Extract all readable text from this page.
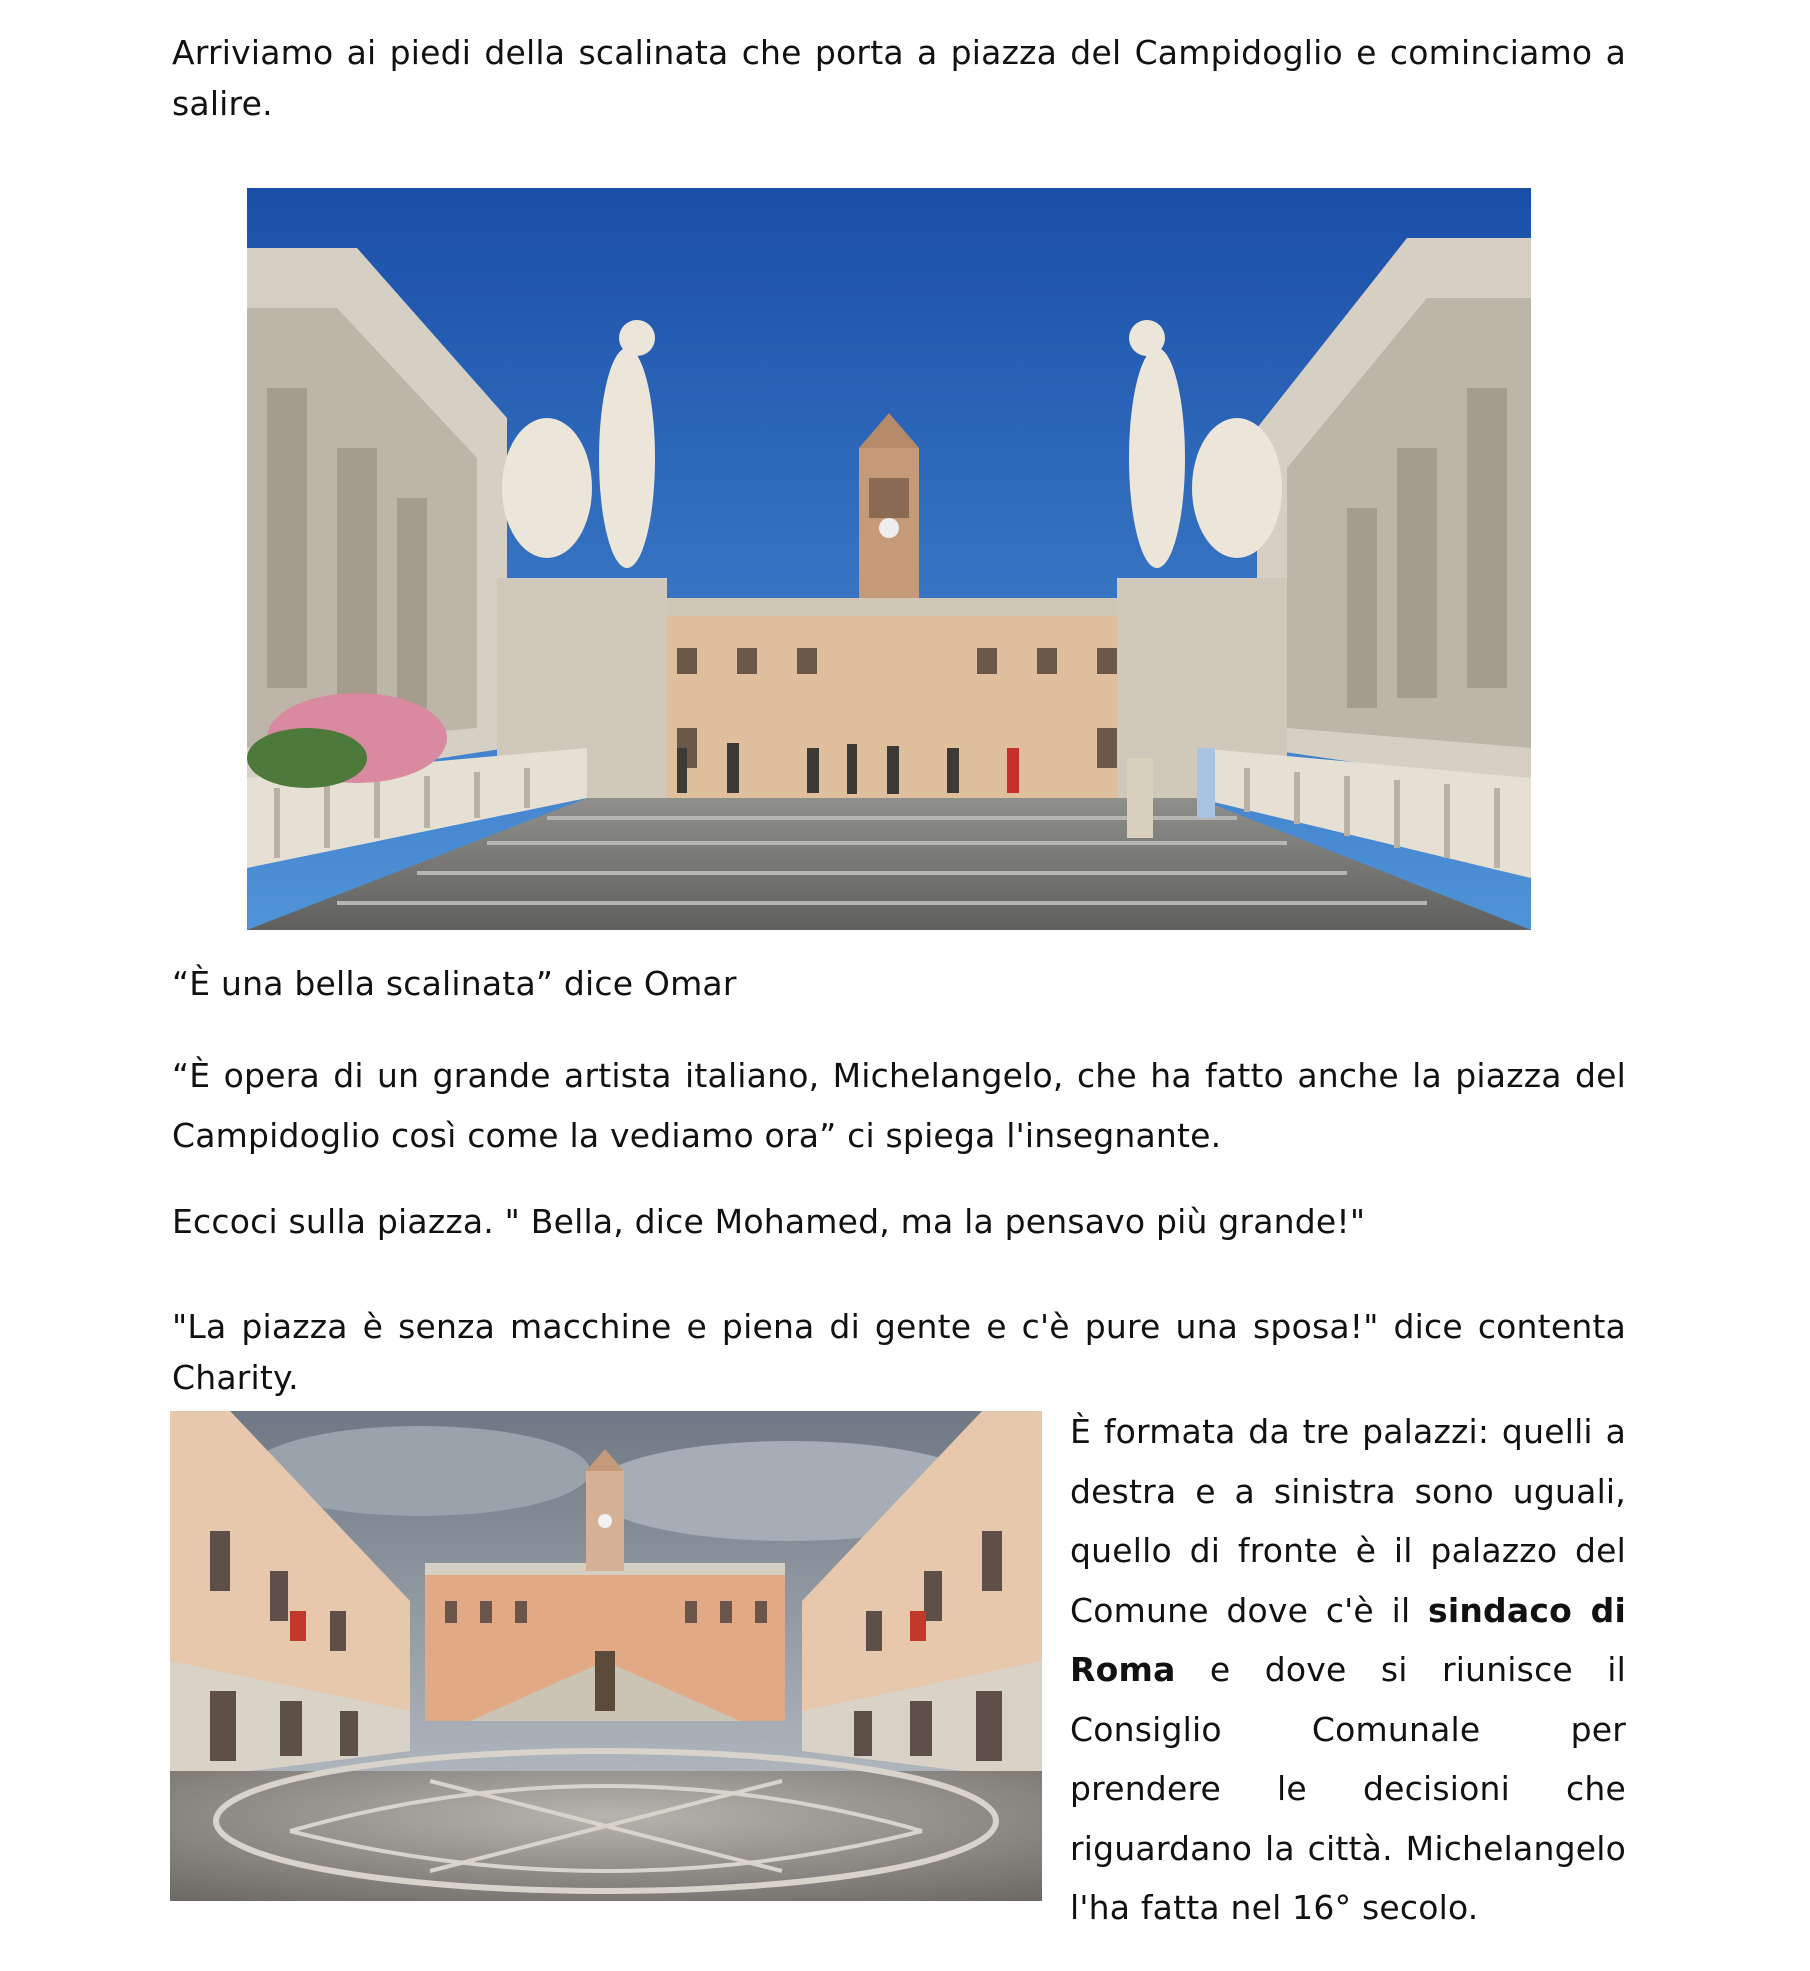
Arriviamo ai piedi della scalinata che porta a piazza del Campidoglio e cominciamo a salire.

“È una bella scalinata” dice Omar

“È opera di un grande artista italiano, Michelangelo, che ha fatto anche la piazza del Campidoglio così come la vediamo ora” ci spiega l'insegnante.

Eccoci sulla piazza. " Bella, dice Mohamed, ma la pensavo più grande!"

"La piazza è senza macchine e piena di gente e c'è pure una sposa!" dice contenta Charity.

È formata da tre palazzi: quelli a destra e a sinistra sono uguali, quello di fronte è il palazzo del Comune dove c'è il sindaco di Roma e dove si riunisce il Consiglio Comunale per prendere le decisioni che riguardano la città. Michelangelo l'ha fatta nel 16° secolo.
